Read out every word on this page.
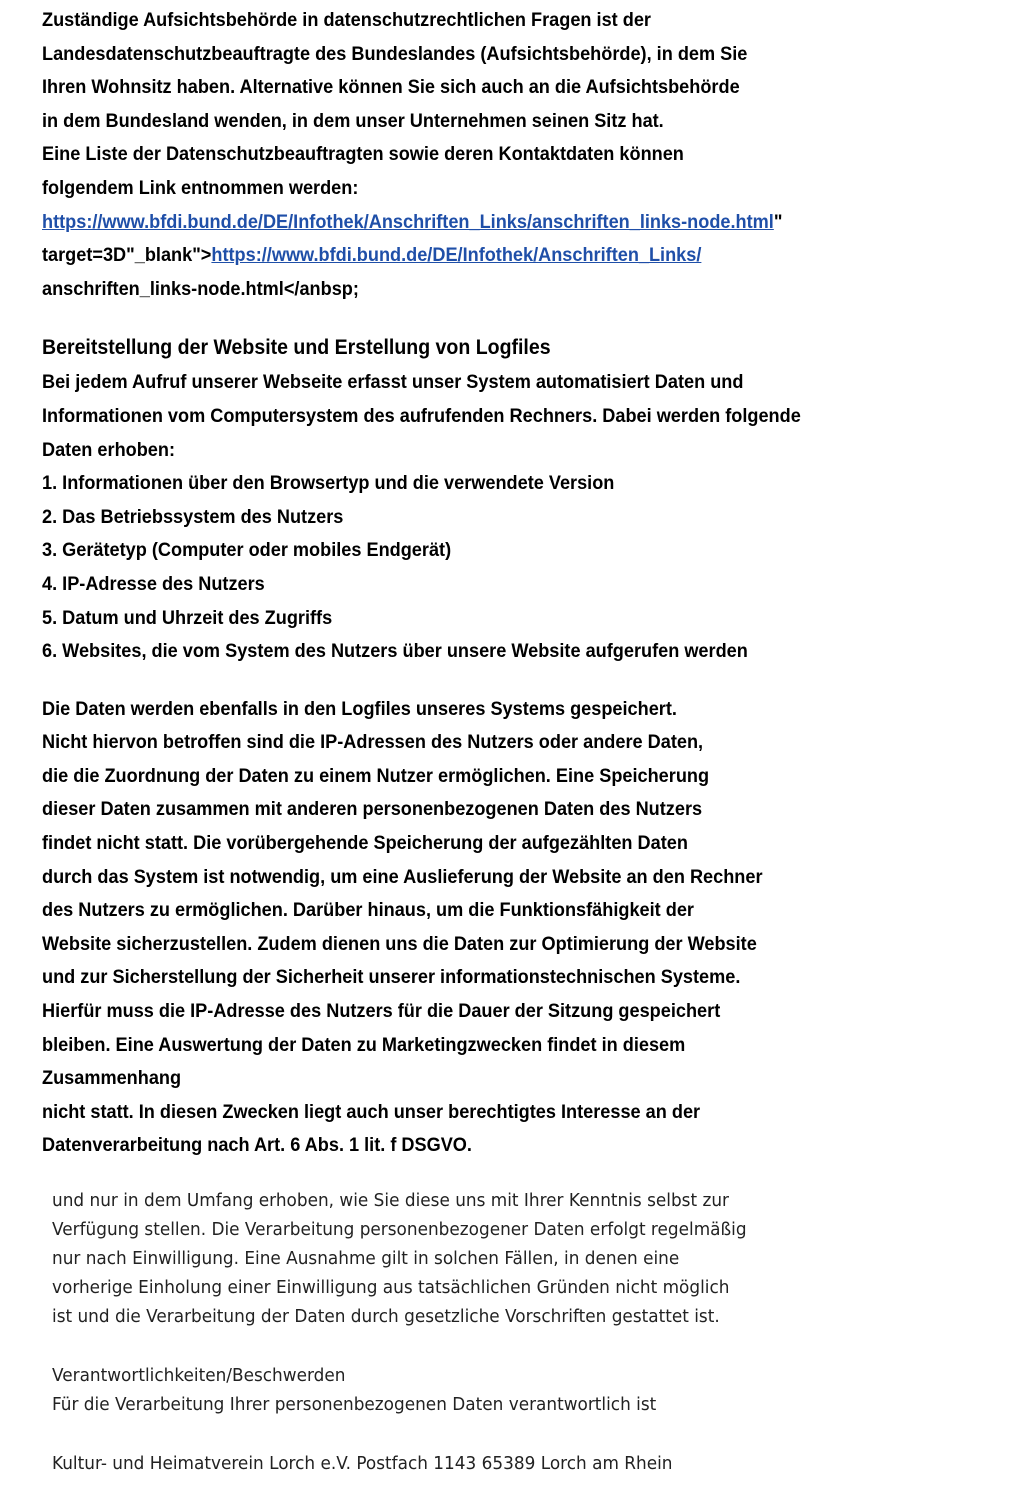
Zuständige Aufsichtsbehörde in datenschutzrechtlichen Fragen ist der
Landesdatenschutzbeauftragte des Bundeslandes (Aufsichtsbehörde), in dem Sie
Ihren Wohnsitz haben. Alternative können Sie sich auch an die Aufsichtsbehörde
in dem Bundesland wenden, in dem unser Unternehmen seinen Sitz hat.
Eine Liste der Datenschutzbeauftragten sowie deren Kontaktdaten können
folgendem Link entnommen werden:
https://www.bfdi.bund.de/DE/Infothek/Anschriften_Links/anschriften_links-node.html"
target=3D"_blank">https://www.bfdi.bund.de/DE/Infothek/Anschriften_Links/
anschriften_links-node.html</anbsp;
Bereitstellung der Website und Erstellung von Logfiles
Bei jedem Aufruf unserer Webseite erfasst unser System automatisiert Daten und
Informationen vom Computersystem des aufrufenden Rechners. Dabei werden folgende
Daten erhoben:
1. Informationen über den Browsertyp und die verwendete Version
2. Das Betriebssystem des Nutzers
3. Gerätetyp (Computer oder mobiles Endgerät)
4. IP-Adresse des Nutzers
5. Datum und Uhrzeit des Zugriffs
6. Websites, die vom System des Nutzers über unsere Website aufgerufen werden
Die Daten werden ebenfalls in den Logfiles unseres Systems gespeichert.
Nicht hiervon betroffen sind die IP-Adressen des Nutzers oder andere Daten,
die die Zuordnung der Daten zu einem Nutzer ermöglichen. Eine Speicherung
dieser Daten zusammen mit anderen personenbezogenen Daten des Nutzers
findet nicht statt. Die vorübergehende Speicherung der aufgezählten Daten
durch das System ist notwendig, um eine Auslieferung der Website an den Rechner
des Nutzers zu ermöglichen. Darüber hinaus, um die Funktionsfähigkeit der
Website sicherzustellen. Zudem dienen uns die Daten zur Optimierung der Website
und zur Sicherstellung der Sicherheit unserer informationstechnischen Systeme.
Hierfür muss die IP-Adresse des Nutzers für die Dauer der Sitzung gespeichert
bleiben. Eine Auswertung der Daten zu Marketingzwecken findet in diesem
Zusammenhang
nicht statt. In diesen Zwecken liegt auch unser berechtigtes Interesse an der
Datenverarbeitung nach Art. 6 Abs. 1 lit. f DSGVO.
und nur in dem Umfang erhoben, wie Sie diese uns mit Ihrer Kenntnis selbst zur
Verfügung stellen. Die Verarbeitung personenbezogener Daten erfolgt regelmäßig
nur nach Einwilligung. Eine Ausnahme gilt in solchen Fällen, in denen eine
vorherige Einholung einer Einwilligung aus tatsächlichen Gründen nicht möglich
ist und die Verarbeitung der Daten durch gesetzliche Vorschriften gestattet ist.
Verantwortlichkeiten/Beschwerden
Für die Verarbeitung Ihrer personenbezogenen Daten verantwortlich ist
Kultur- und Heimatverein Lorch e.V. Postfach 1143 65389 Lorch am Rhein
